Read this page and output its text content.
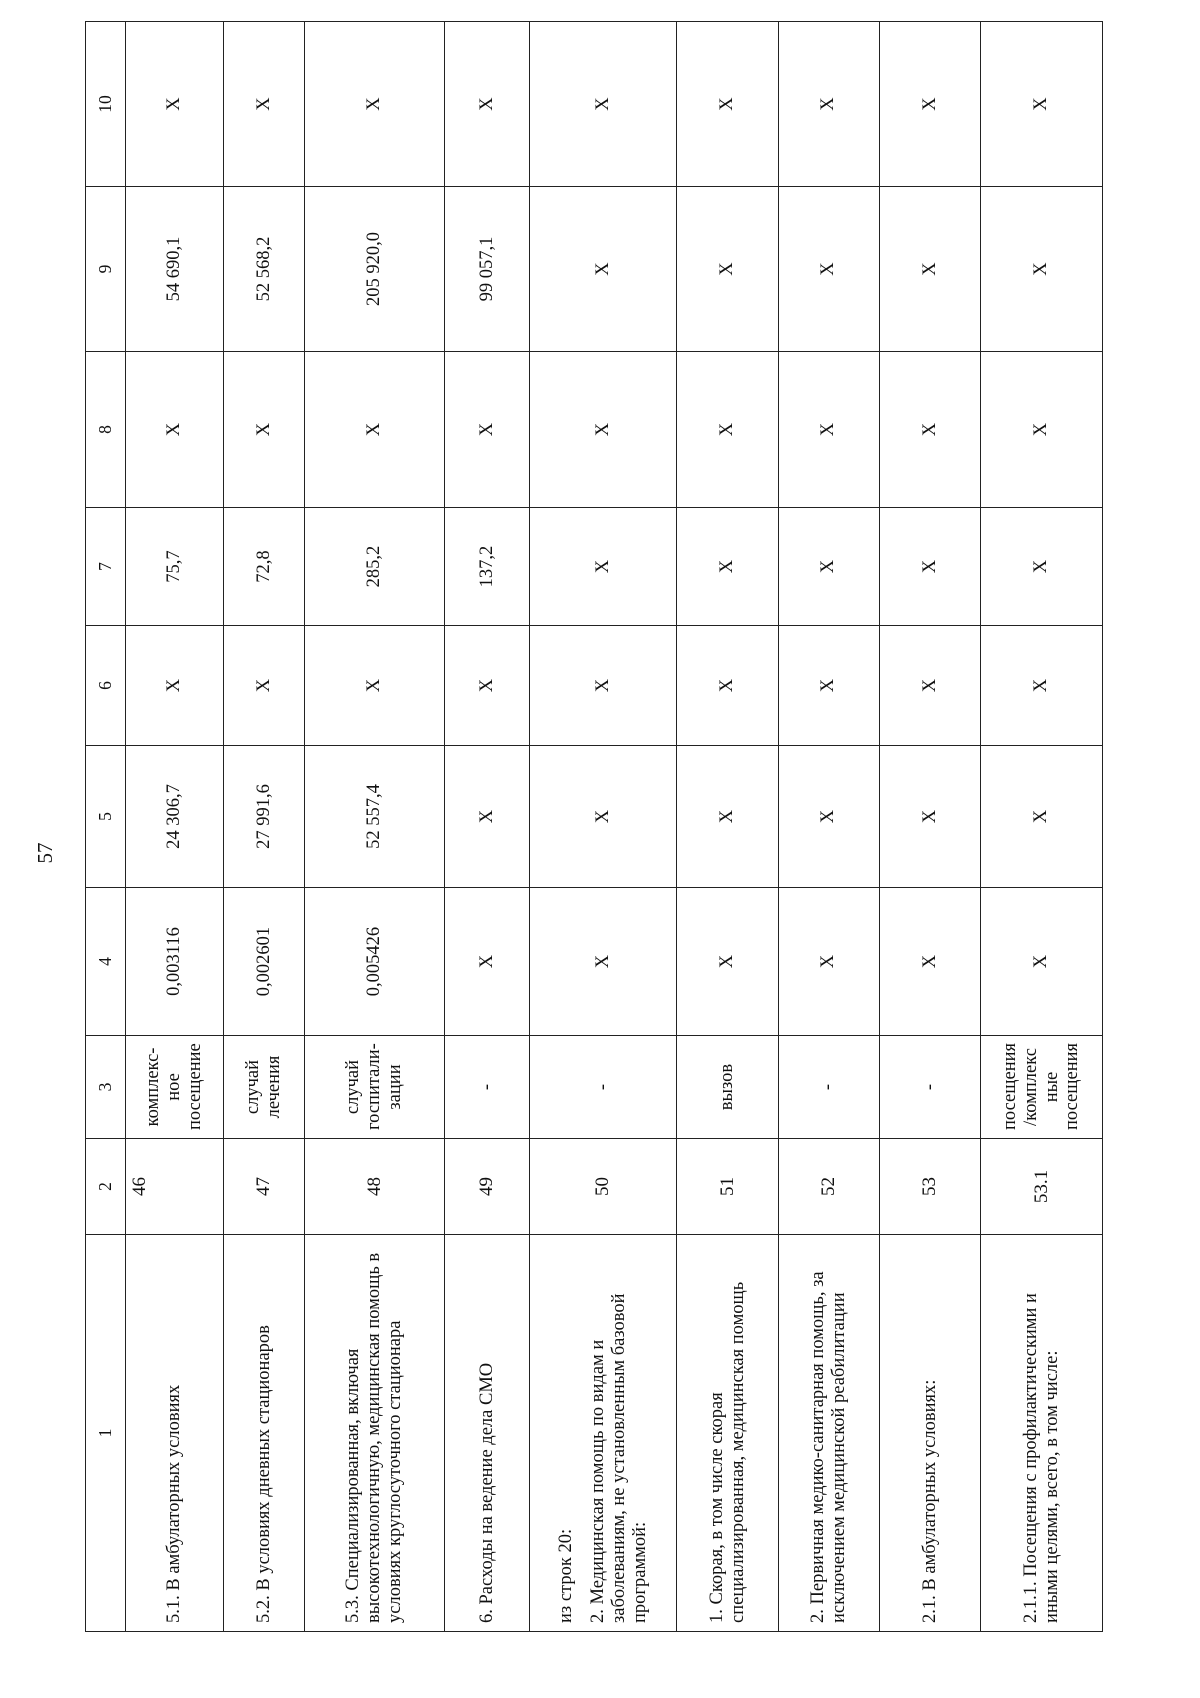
57
1	2	3	4	5	6	7	8	9	10
5.1. В амбулаторных условиях	46	комплекс-ное посещение	0,003116	24 306,7	X	75,7	X	54 690,1	X
5.2. В условиях дневных стационаров	47	случай лечения	0,002601	27 991,6	X	72,8	X	52 568,2	X
5.3. Специализированная, включая высокотехнологичную, медицинская помощь в условиях круглосуточного стационара	48	случай госпитали-зации	0,005426	52 557,4	X	285,2	X	205 920,0	X
6. Расходы на ведение дела СМО	49	-	X	X	X	137,2	X	99 057,1	X

из строк 20: 2. Медицинская помощь по видам и заболеваниям, не установленным базовой программой:	50	-	X	X	X	X	X	X	X
1. Скорая, в том числе скорая специализированная, медицинская помощь	51	вызов	X	X	X	X	X	X	X
2. Первичная медико-санитарная помощь, за исключением медицинской реабилитации	52	-	X	X	X	X	X	X	X
2.1. В амбулаторных условиях:	53	-	X	X	X	X	X	X	X
2.1.1. Посещения с профилактическими и иными целями, всего, в том числе:	53.1	посещения /комплекс ные посещения	X	X	X	X	X	X	X
